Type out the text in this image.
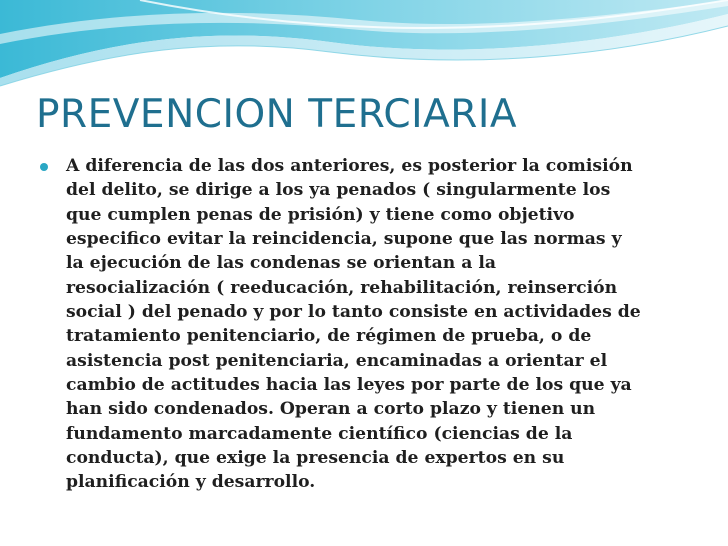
PREVENCION TERCIARIA
A diferencia de las dos anteriores, es posterior la comisión
del delito, se dirige a los ya penados ( singularmente los
que cumplen penas de prisión) y tiene como objetivo
especifico evitar la reincidencia, supone que las normas y
la ejecución de las condenas se orientan a la
resocialización ( reeducación, rehabilitación, reinserción
social ) del penado y por lo tanto consiste en actividades de
tratamiento penitenciario, de régimen de prueba, o de
asistencia post penitenciaria, encaminadas a orientar el
cambio de actitudes hacia las leyes por parte de los que ya
han sido condenados. Operan a corto plazo y tienen un
fundamento marcadamente científico (ciencias de la
conducta), que exige la presencia de expertos en su
planificación y desarrollo.
